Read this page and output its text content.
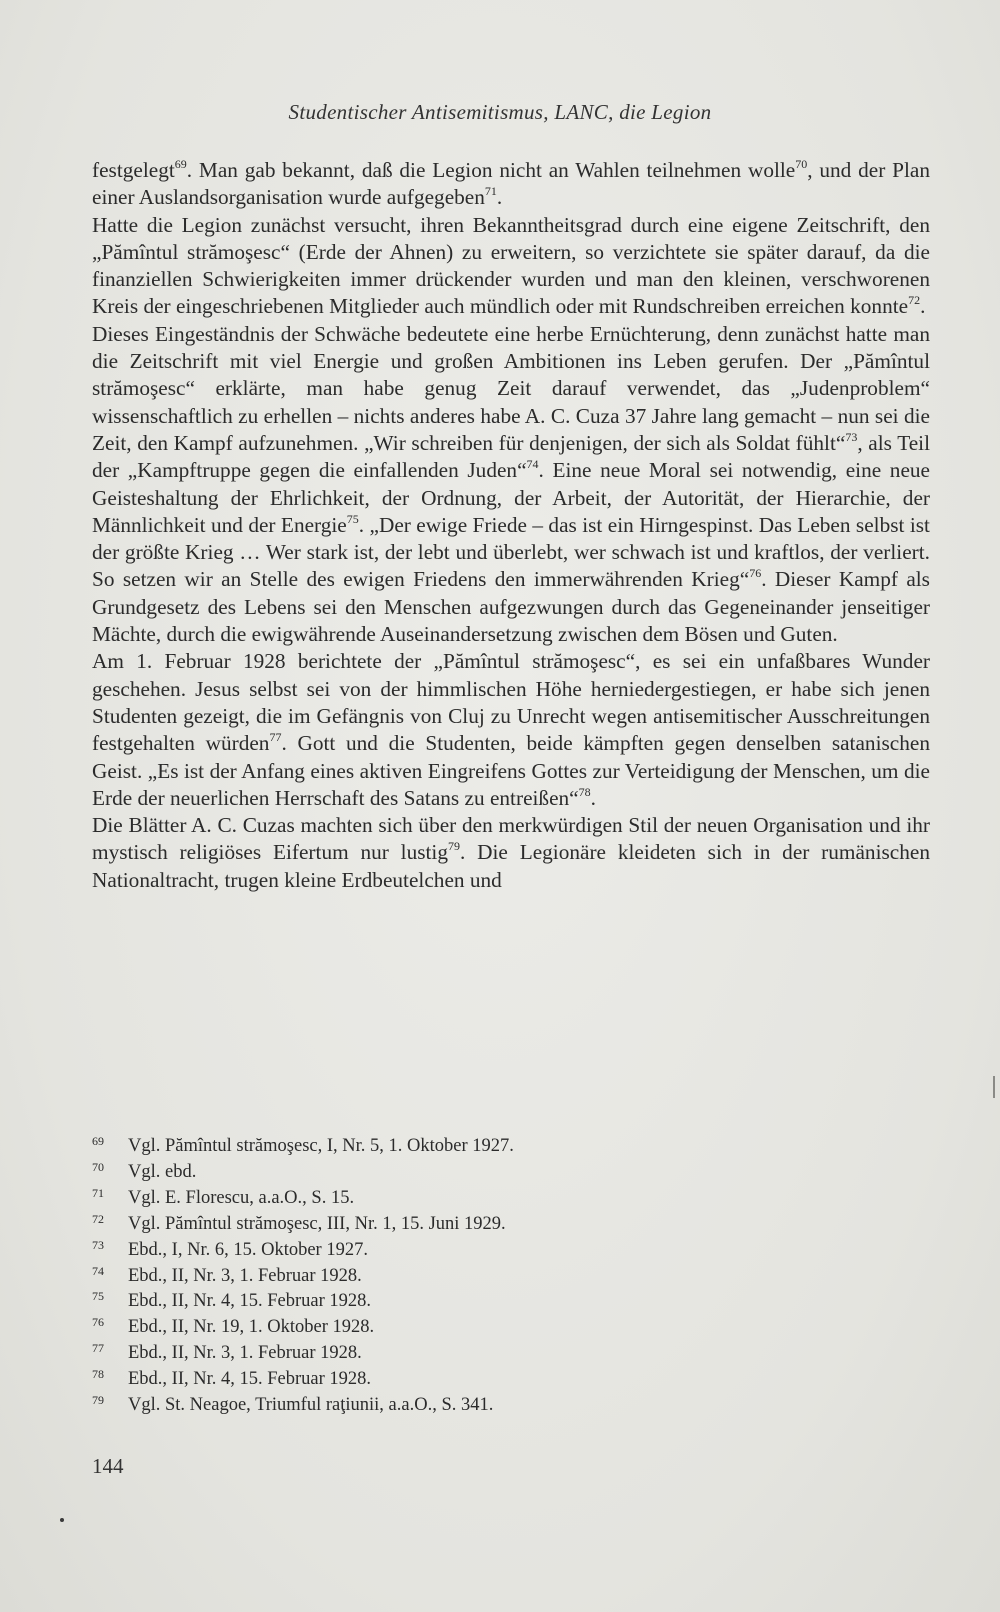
Studentischer Antisemitismus, LANC, die Legion

festgelegt$^{69}$. Man gab bekannt, daß die Legion nicht an Wahlen teilnehmen wolle$^{70}$, und der Plan einer Auslandsorganisation wurde aufgegeben$^{71}$.

Hatte die Legion zunächst versucht, ihren Bekanntheitsgrad durch eine eigene Zeitschrift, den „Pămîntul strămoşesc“ (Erde der Ahnen) zu erweitern, so verzichtete sie später darauf, da die finanziellen Schwierigkeiten immer drückender wurden und man den kleinen, verschworenen Kreis der eingeschriebenen Mitglieder auch mündlich oder mit Rundschreiben erreichen konnte$^{72}$.

Dieses Eingeständnis der Schwäche bedeutete eine herbe Ernüchterung, denn zunächst hatte man die Zeitschrift mit viel Energie und großen Ambitionen ins Leben gerufen. Der „Pămîntul strămoşesc“ erklärte, man habe genug Zeit darauf verwendet, das „Judenproblem“ wissenschaftlich zu erhellen – nichts anderes habe A. C. Cuza 37 Jahre lang gemacht – nun sei die Zeit, den Kampf aufzunehmen. „Wir schreiben für denjenigen, der sich als Soldat fühlt“$^{73}$, als Teil der „Kampftruppe gegen die einfallenden Juden“$^{74}$. Eine neue Moral sei notwendig, eine neue Geisteshaltung der Ehrlichkeit, der Ordnung, der Arbeit, der Autorität, der Hierarchie, der Männlichkeit und der Energie$^{75}$. „Der ewige Friede – das ist ein Hirngespinst. Das Leben selbst ist der größte Krieg … Wer stark ist, der lebt und überlebt, wer schwach ist und kraftlos, der verliert. So setzen wir an Stelle des ewigen Friedens den immerwährenden Krieg“$^{76}$. Dieser Kampf als Grundgesetz des Lebens sei den Menschen aufgezwungen durch das Gegeneinander jenseitiger Mächte, durch die ewigwährende Auseinandersetzung zwischen dem Bösen und Guten.

Am 1. Februar 1928 berichtete der „Pămîntul strămoşesc“, es sei ein unfaßbares Wunder geschehen. Jesus selbst sei von der himmlischen Höhe herniedergestiegen, er habe sich jenen Studenten gezeigt, die im Gefängnis von Cluj zu Unrecht wegen antisemitischer Ausschreitungen festgehalten würden$^{77}$. Gott und die Studenten, beide kämpften gegen denselben satanischen Geist. „Es ist der Anfang eines aktiven Eingreifens Gottes zur Verteidigung der Menschen, um die Erde der neuerlichen Herrschaft des Satans zu entreißen“$^{78}$.

Die Blätter A. C. Cuzas machten sich über den merkwürdigen Stil der neuen Organisation und ihr mystisch religiöses Eifertum nur lustig$^{79}$. Die Legionäre kleideten sich in der rumänischen Nationaltracht, trugen kleine Erdbeutelchen und

69	Vgl. Pămîntul strămoşesc, I, Nr. 5, 1. Oktober 1927.
70	Vgl. ebd.
71	Vgl. E. Florescu, a.a.O., S. 15.
72	Vgl. Pămîntul strămoşesc, III, Nr. 1, 15. Juni 1929.
73	Ebd., I, Nr. 6, 15. Oktober 1927.
74	Ebd., II, Nr. 3, 1. Februar 1928.
75	Ebd., II, Nr. 4, 15. Februar 1928.
76	Ebd., II, Nr. 19, 1. Oktober 1928.
77	Ebd., II, Nr. 3, 1. Februar 1928.
78	Ebd., II, Nr. 4, 15. Februar 1928.
79	Vgl. St. Neagoe, Triumful raţiunii, a.a.O., S. 341.
144
